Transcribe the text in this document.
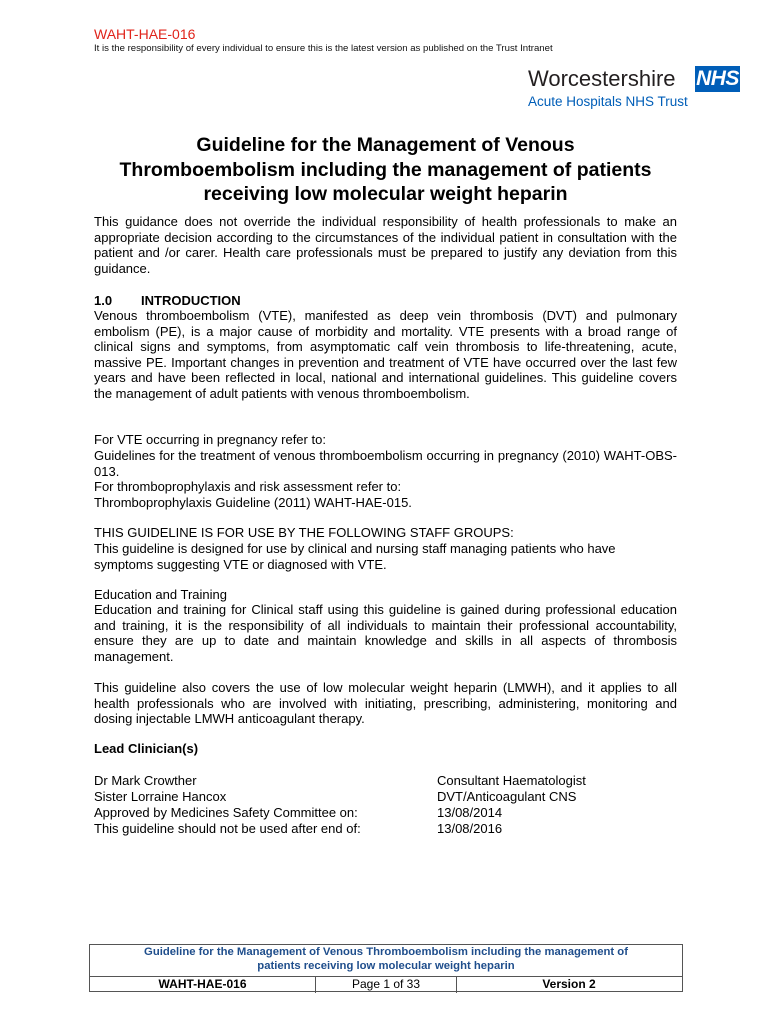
WAHT-HAE-016
It is the responsibility of every individual to ensure this is the latest version as published on the Trust Intranet
Worcestershire NHS
Acute Hospitals NHS Trust
Guideline for the Management of Venous
Thromboembolism including the management of patients
receiving low molecular weight heparin
This guidance does not override the individual responsibility of health professionals to make an appropriate decision according to the circumstances of the individual patient in consultation with the patient and /or carer. Health care professionals must be prepared to justify any deviation from this guidance.
1.0 INTRODUCTION
Venous thromboembolism (VTE), manifested as deep vein thrombosis (DVT) and pulmonary embolism (PE), is a major cause of morbidity and mortality. VTE presents with a broad range of clinical signs and symptoms, from asymptomatic calf vein thrombosis to life-threatening, acute, massive PE. Important changes in prevention and treatment of VTE have occurred over the last few years and have been reflected in local, national and international guidelines. This guideline covers the management of adult patients with venous thromboembolism.
For VTE occurring in pregnancy refer to:
Guidelines for the treatment of venous thromboembolism occurring in pregnancy (2010) WAHT-OBS-013.
For thromboprophylaxis and risk assessment refer to:
Thromboprophylaxis Guideline (2011) WAHT-HAE-015.
THIS GUIDELINE IS FOR USE BY THE FOLLOWING STAFF GROUPS:
This guideline is designed for use by clinical and nursing staff managing patients who have symptoms suggesting VTE or diagnosed with VTE.
Education and Training
Education and training for Clinical staff using this guideline is gained during professional education and training, it is the responsibility of all individuals to maintain their professional accountability, ensure they are up to date and maintain knowledge and skills in all aspects of thrombosis management.
This guideline also covers the use of low molecular weight heparin (LMWH), and it applies to all health professionals who are involved with initiating, prescribing, administering, monitoring and dosing injectable LMWH anticoagulant therapy.
Lead Clinician(s)
Dr Mark Crowther	Consultant Haematologist
Sister Lorraine Hancox	DVT/Anticoagulant CNS
Approved by Medicines Safety Committee on:	13/08/2014
This guideline should not be used after end of:	13/08/2016
Guideline for the Management of Venous Thromboembolism including the management of
patients receiving low molecular weight heparin
WAHT-HAE-016	Page 1 of 33	Version 2
